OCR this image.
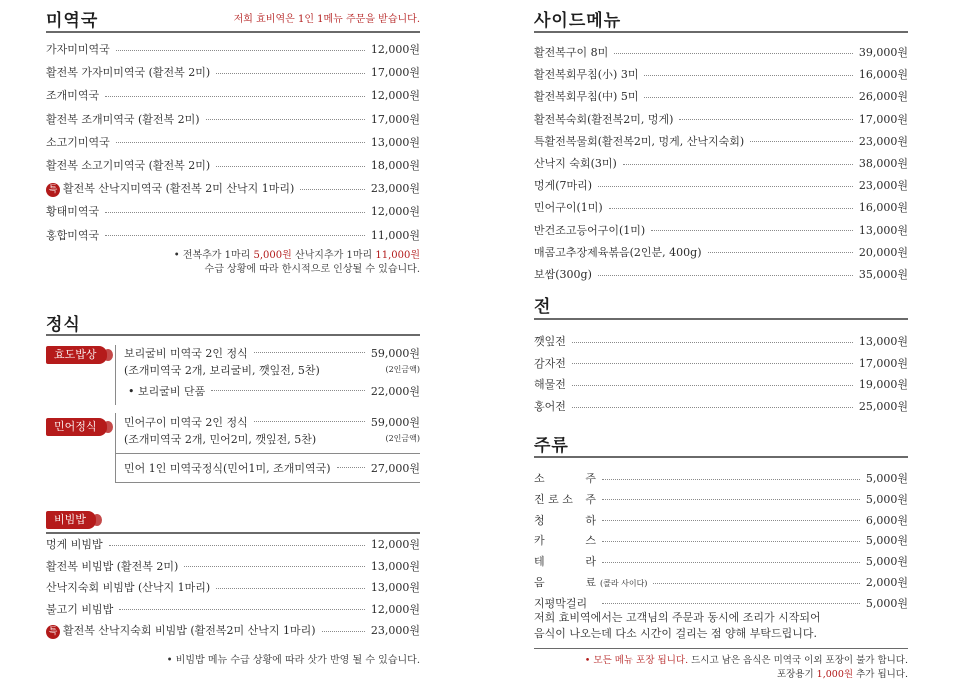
미역국	저희 효비역은 1인 1메뉴 주문을 받습니다.
가자미미역국	12,000원
활전복 가자미미역국 (활전복 2미)	17,000원
조개미역국	12,000원
활전복 조개미역국 (활전복 2미)	17,000원
소고기미역국	13,000원
활전복 소고기미역국 (활전복 2미)	18,000원
특 활전복 산낙지미역국 (활전복 2미 산낙지 1마리)	23,000원
황태미역국	12,000원
홍합미역국	11,000원
• 전복추가 1마리 5,000원 산낙지추가 1마리 11,000원
수급 상황에 따라 한시적으로 인상될 수 있습니다.
정식
효도밥상	보리굴비 미역국 2인 정식	59,000원
(조개미역국 2개, 보리굴비, 깻잎전, 5찬)	(2인금액)
• 보리굴비 단품	22,000원
민어정식	민어구이 미역국 2인 정식	59,000원
(조개미역국 2개, 민어2미, 깻잎전, 5찬)	(2인금액)
민어 1인 미역국정식(민어1미, 조개미역국)	27,000원
비빔밥
멍게 비빔밥	12,000원
활전복 비빔밥 (활전복 2미)	13,000원
산낙지숙회 비빔밥 (산낙지 1마리)	13,000원
불고기 비빔밥	12,000원
특 활전복 산낙지숙회 비빔밥 (활전복2미 산낙지 1마리)	23,000원
• 비빔밥 메뉴 수급 상황에 따라 삿가 반영 될 수 있습니다.
사이드메뉴
활전복구이 8미	39,000원
활전복회무침(小) 3미	16,000원
활전복회무침(中) 5미	26,000원
활전복숙회(활전복2미, 멍게)	17,000원
특활전복물회(활전복2미, 멍게, 산낙지숙회)	23,000원
산낙지 숙회(3미)	38,000원
멍게(7마리)	23,000원
민어구이(1미)	16,000원
반건조고등어구이(1미)	13,000원
매콤고추장제육볶음(2인분, 400g)	20,000원
보쌈(300g)	35,000원
전
깻잎전	13,000원
감자전	17,000원
해물전	19,000원
홍어전	25,000원
주류
소	주	5,000원
진 로 소 주	5,000원
청	하	6,000원
카	스	5,000원
테	라	5,000원
음	료 (콜라 사이다)	2,000원
지평막걸리	5,000원
저희 효비역에서는 고객님의 주문과 동시에 조리가 시작되어
음식이 나오는데 다소 시간이 걸리는 점 양해 부탁드립니다.
• 모든 메뉴 포장 됩니다. 드시고 남은 음식은 미역국 이외 포장이 불가 합니다.
포장용기 1,000원 추가 됩니다.
